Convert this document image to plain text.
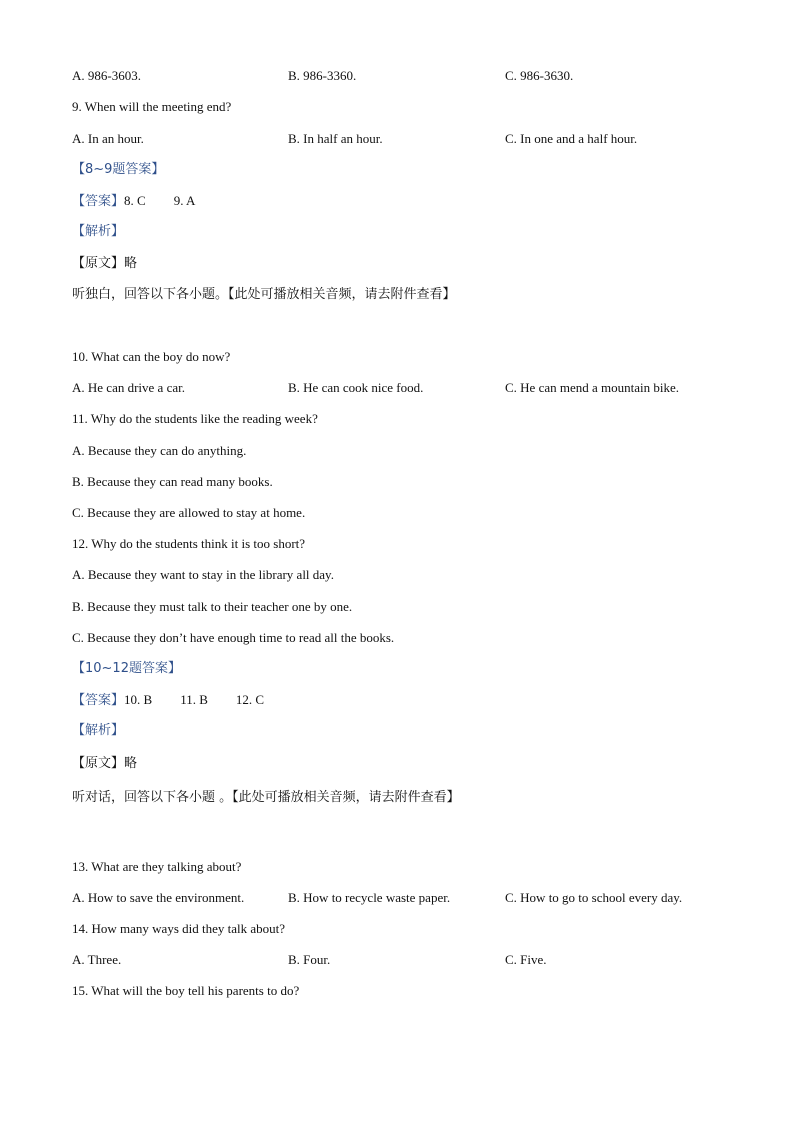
A. 986-3603.	B. 986-3360.	C. 986-3630.
9. When will the meeting end?
A. In an hour.	B. In half an hour.	C. In one and a half hour.
【8~9题答案】
【答案】8. C 9. A
【解析】
【原文】略
听独白，回答以下各小题。【此处可播放相关音频，请去附件查看】
10. What can the boy do now?
A. He can drive a car.	B. He can cook nice food.	C. He can mend a mountain bike.
11. Why do the students like the reading week?
A. Because they can do anything.
B. Because they can read many books.
C. Because they are allowed to stay at home.
12. Why do the students think it is too short?
A. Because they want to stay in the library all day.
B. Because they must talk to their teacher one by one.
C. Because they don’t have enough time to read all the books.
【10~12题答案】
【答案】10. B 11. B 12. C
【解析】
【原文】略
听对话，回答以下各小题 。【此处可播放相关音频，请去附件查看】
13. What are they talking about?
A. How to save the environment.	B. How to recycle waste paper.	C. How to go to school every day.
14. How many ways did they talk about?
A. Three.	B. Four.	C. Five.
15. What will the boy tell his parents to do?
